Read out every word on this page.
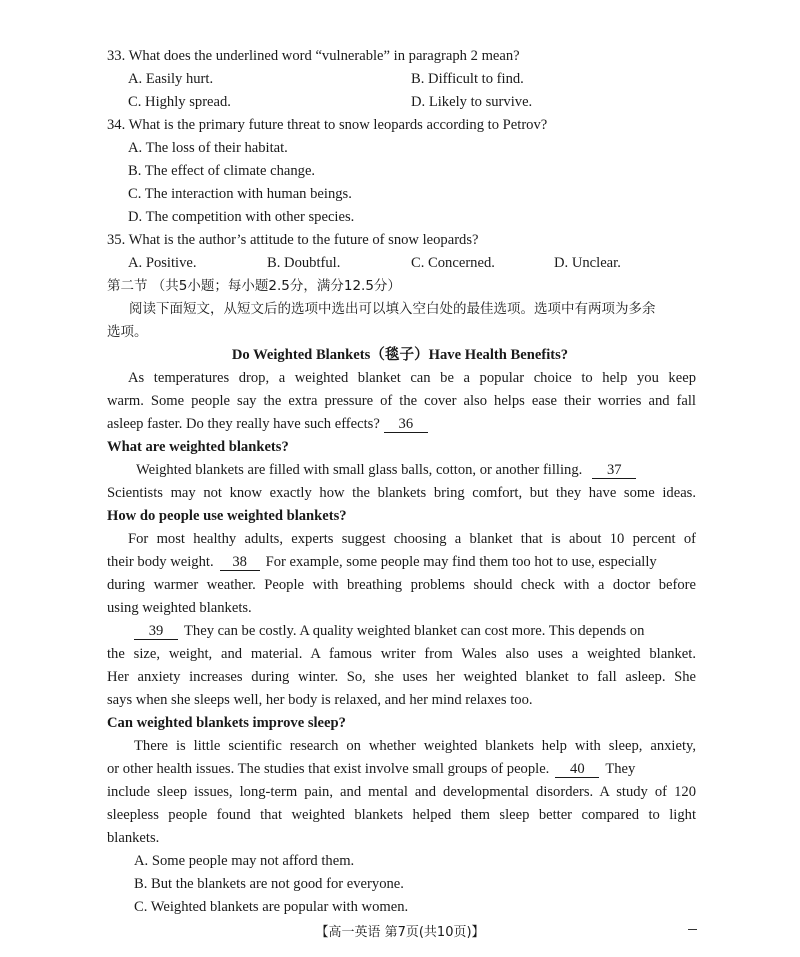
33. What does the underlined word “vulnerable” in paragraph 2 mean?
A. Easily hurt.	B. Difficult to find.
C. Highly spread.	D. Likely to survive.
34. What is the primary future threat to snow leopards according to Petrov?
A. The loss of their habitat.
B. The effect of climate change.
C. The interaction with human beings.
D. The competition with other species.
35. What is the author’s attitude to the future of snow leopards?
A. Positive.	B. Doubtful.	C. Concerned.	D. Unclear.
第二节 （共5小题；每小题2.5分，满分12.5分）
阅读下面短文，从短文后的选项中选出可以填入空白处的最佳选项。选项中有两项为多余
选项。
Do Weighted Blankets（毯子）Have Health Benefits?
As temperatures drop, a weighted blanket can be a popular choice to help you keep
warm. Some people say the extra pressure of the cover also helps ease their worries and fall
asleep faster. Do they really have such effects? 36
What are weighted blankets?
Weighted blankets are filled with small glass balls, cotton, or another filling. 37
Scientists may not know exactly how the blankets bring comfort, but they have some ideas.
How do people use weighted blankets?
For most healthy adults, experts suggest choosing a blanket that is about 10 percent of
their body weight. 38 For example, some people may find them too hot to use, especially
during warmer weather. People with breathing problems should check with a doctor before
using weighted blankets.
39 They can be costly. A quality weighted blanket can cost more. This depends on
the size, weight, and material. A famous writer from Wales also uses a weighted blanket.
Her anxiety increases during winter. So, she uses her weighted blanket to fall asleep. She
says when she sleeps well, her body is relaxed, and her mind relaxes too.
Can weighted blankets improve sleep?
There is little scientific research on whether weighted blankets help with sleep, anxiety,
or other health issues. The studies that exist involve small groups of people. 40 They
include sleep issues, long-term pain, and mental and developmental disorders. A study of 120
sleepless people found that weighted blankets helped them sleep better compared to light
blankets.
A. Some people may not afford them.
B. But the blankets are not good for everyone.
C. Weighted blankets are popular with women.
【高一英语 第7页(共10页)】
